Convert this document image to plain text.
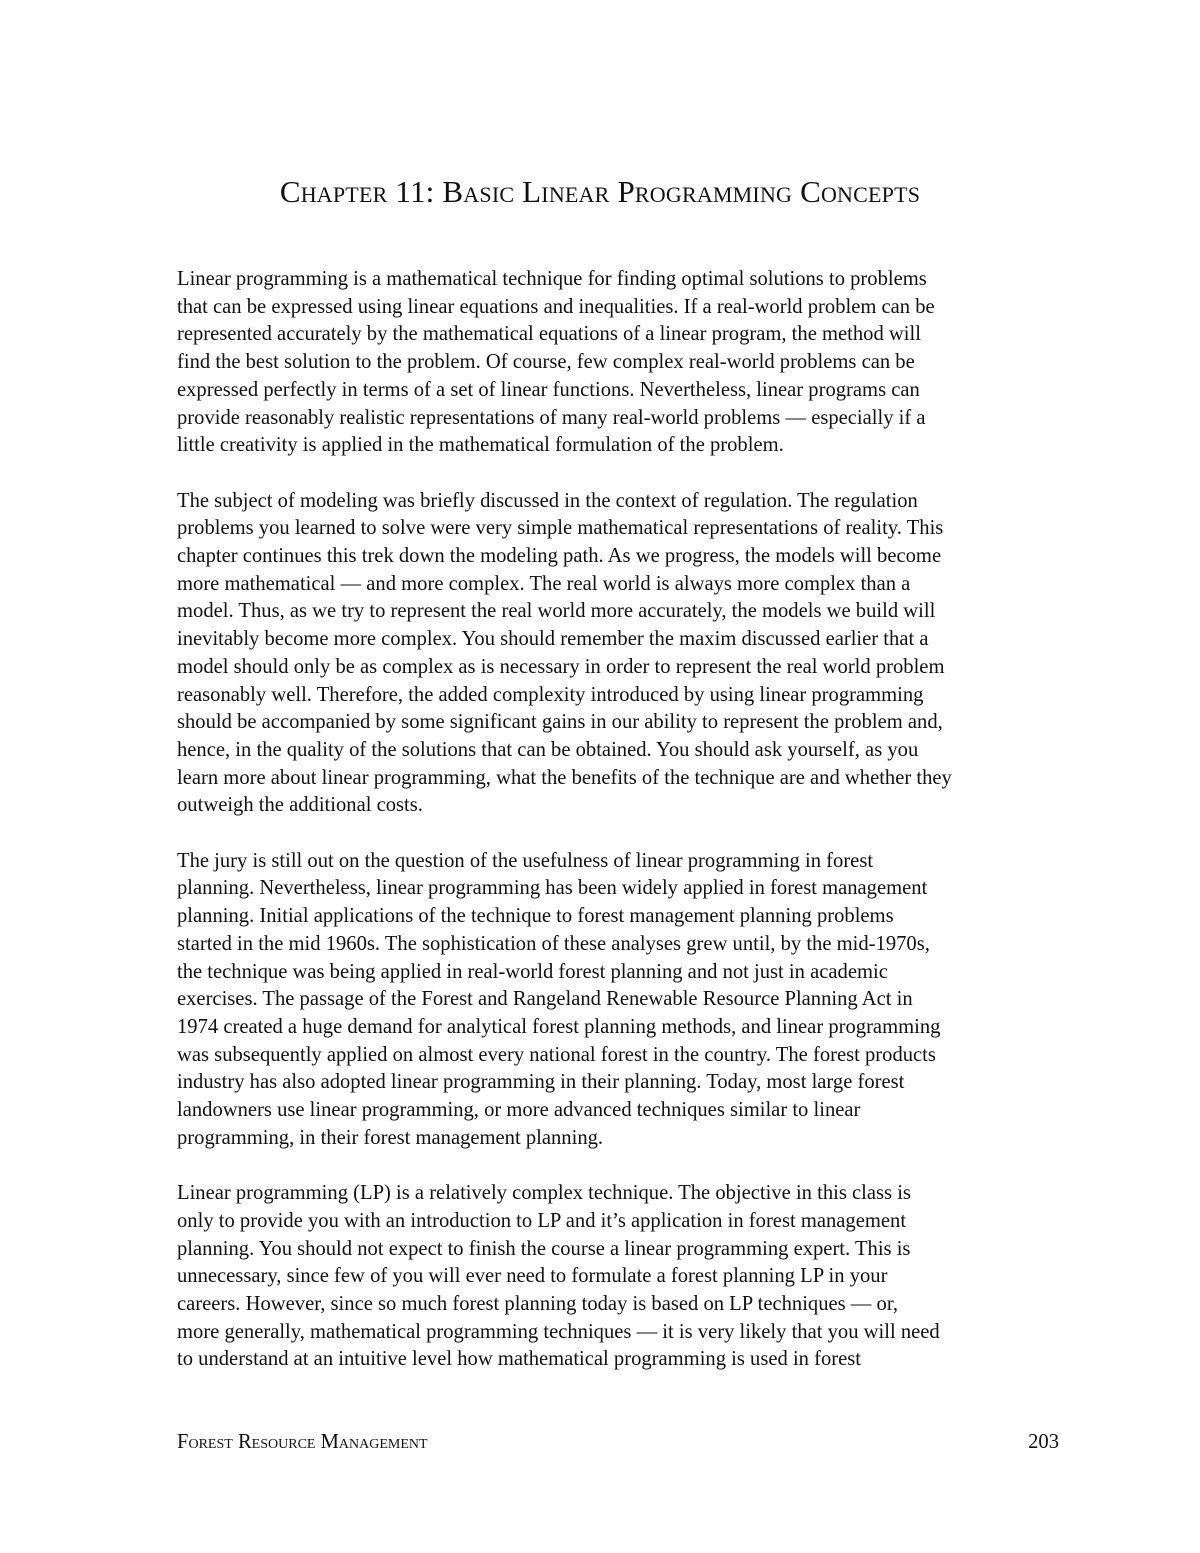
Chapter 11: Basic Linear Programming Concepts

Linear programming is a mathematical technique for finding optimal solutions to problems
that can be expressed using linear equations and inequalities. If a real-world problem can be
represented accurately by the mathematical equations of a linear program, the method will
find the best solution to the problem. Of course, few complex real-world problems can be
expressed perfectly in terms of a set of linear functions. Nevertheless, linear programs can
provide reasonably realistic representations of many real-world problems — especially if a
little creativity is applied in the mathematical formulation of the problem.

The subject of modeling was briefly discussed in the context of regulation. The regulation
problems you learned to solve were very simple mathematical representations of reality. This
chapter continues this trek down the modeling path. As we progress, the models will become
more mathematical — and more complex. The real world is always more complex than a
model. Thus, as we try to represent the real world more accurately, the models we build will
inevitably become more complex. You should remember the maxim discussed earlier that a
model should only be as complex as is necessary in order to represent the real world problem
reasonably well. Therefore, the added complexity introduced by using linear programming
should be accompanied by some significant gains in our ability to represent the problem and,
hence, in the quality of the solutions that can be obtained. You should ask yourself, as you
learn more about linear programming, what the benefits of the technique are and whether they
outweigh the additional costs.

The jury is still out on the question of the usefulness of linear programming in forest
planning. Nevertheless, linear programming has been widely applied in forest management
planning. Initial applications of the technique to forest management planning problems
started in the mid 1960s. The sophistication of these analyses grew until, by the mid-1970s,
the technique was being applied in real-world forest planning and not just in academic
exercises. The passage of the Forest and Rangeland Renewable Resource Planning Act in
1974 created a huge demand for analytical forest planning methods, and linear programming
was subsequently applied on almost every national forest in the country. The forest products
industry has also adopted linear programming in their planning. Today, most large forest
landowners use linear programming, or more advanced techniques similar to linear
programming, in their forest management planning.

Linear programming (LP) is a relatively complex technique. The objective in this class is
only to provide you with an introduction to LP and it’s application in forest management
planning. You should not expect to finish the course a linear programming expert. This is
unnecessary, since few of you will ever need to formulate a forest planning LP in your
careers. However, since so much forest planning today is based on LP techniques — or,
more generally, mathematical programming techniques — it is very likely that you will need
to understand at an intuitive level how mathematical programming is used in forest

Forest Resource Management	203
